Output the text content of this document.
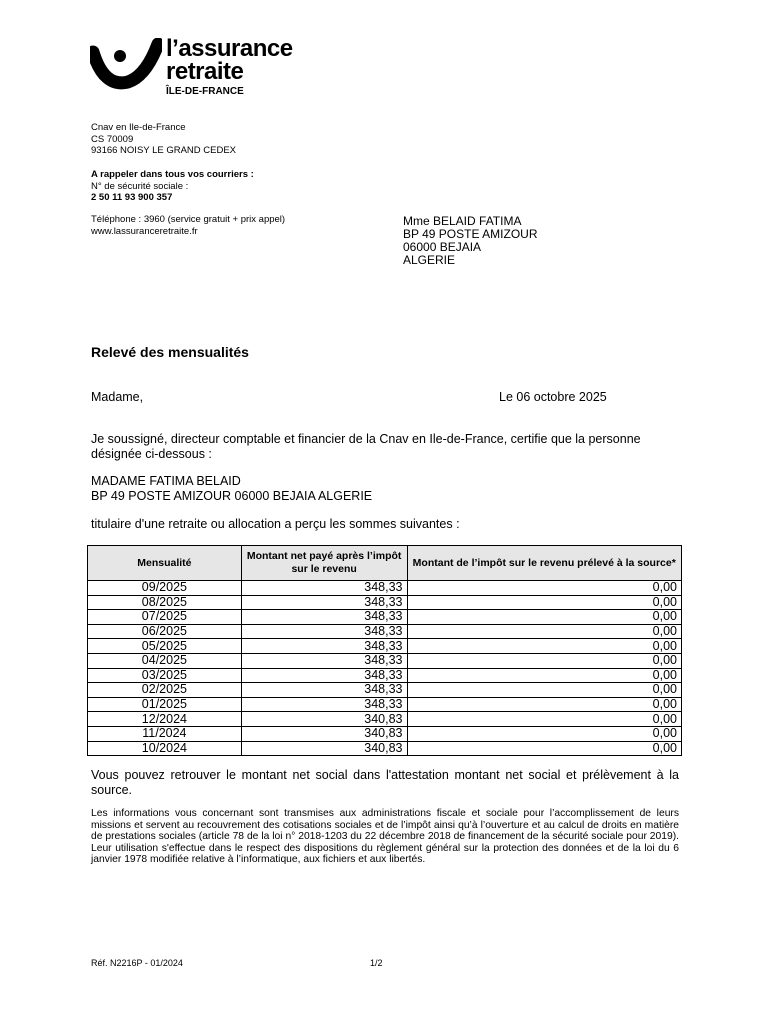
l’assurance
retraite
ÎLE-DE-FRANCE
Cnav en Ile-de-France
CS 70009
93166 NOISY LE GRAND CEDEX
A rappeler dans tous vos courriers :
N° de sécurité sociale :
2 50 11 93 900 357
Téléphone : 3960 (service gratuit + prix appel)
www.lassuranceretraite.fr
Mme BELAID FATIMA
BP 49 POSTE AMIZOUR
06000 BEJAIA
ALGERIE
Relevé des mensualités
Madame,	Le 06 octobre 2025
Je soussigné, directeur comptable et financier de la Cnav en Ile-de-France, certifie que la personne désignée ci-dessous :
MADAME FATIMA BELAID
BP 49 POSTE AMIZOUR 06000 BEJAIA ALGERIE
titulaire d'une retraite ou allocation a perçu les sommes suivantes :
Mensualité	Montant net payé après l’impôt sur le revenu	Montant de l’impôt sur le revenu prélevé à la source*
09/2025	348,33	0,00
08/2025	348,33	0,00
07/2025	348,33	0,00
06/2025	348,33	0,00
05/2025	348,33	0,00
04/2025	348,33	0,00
03/2025	348,33	0,00
02/2025	348,33	0,00
01/2025	348,33	0,00
12/2024	340,83	0,00
11/2024	340,83	0,00
10/2024	340,83	0,00
Vous pouvez retrouver le montant net social dans l'attestation montant net social et prélèvement à la source.
Les informations vous concernant sont transmises aux administrations fiscale et sociale pour l’accomplissement de leurs missions et servent au recouvrement des cotisations sociales et de l’impôt ainsi qu’à l’ouverture et au calcul de droits en matière de prestations sociales (article 78 de la loi n° 2018-1203 du 22 décembre 2018 de financement de la sécurité sociale pour 2019). Leur utilisation s'effectue dans le respect des dispositions du règlement général sur la protection des données et de la loi du 6 janvier 1978 modifiée relative à l’informatique, aux fichiers et aux libertés.
Réf. N2216P - 01/2024	1/2
